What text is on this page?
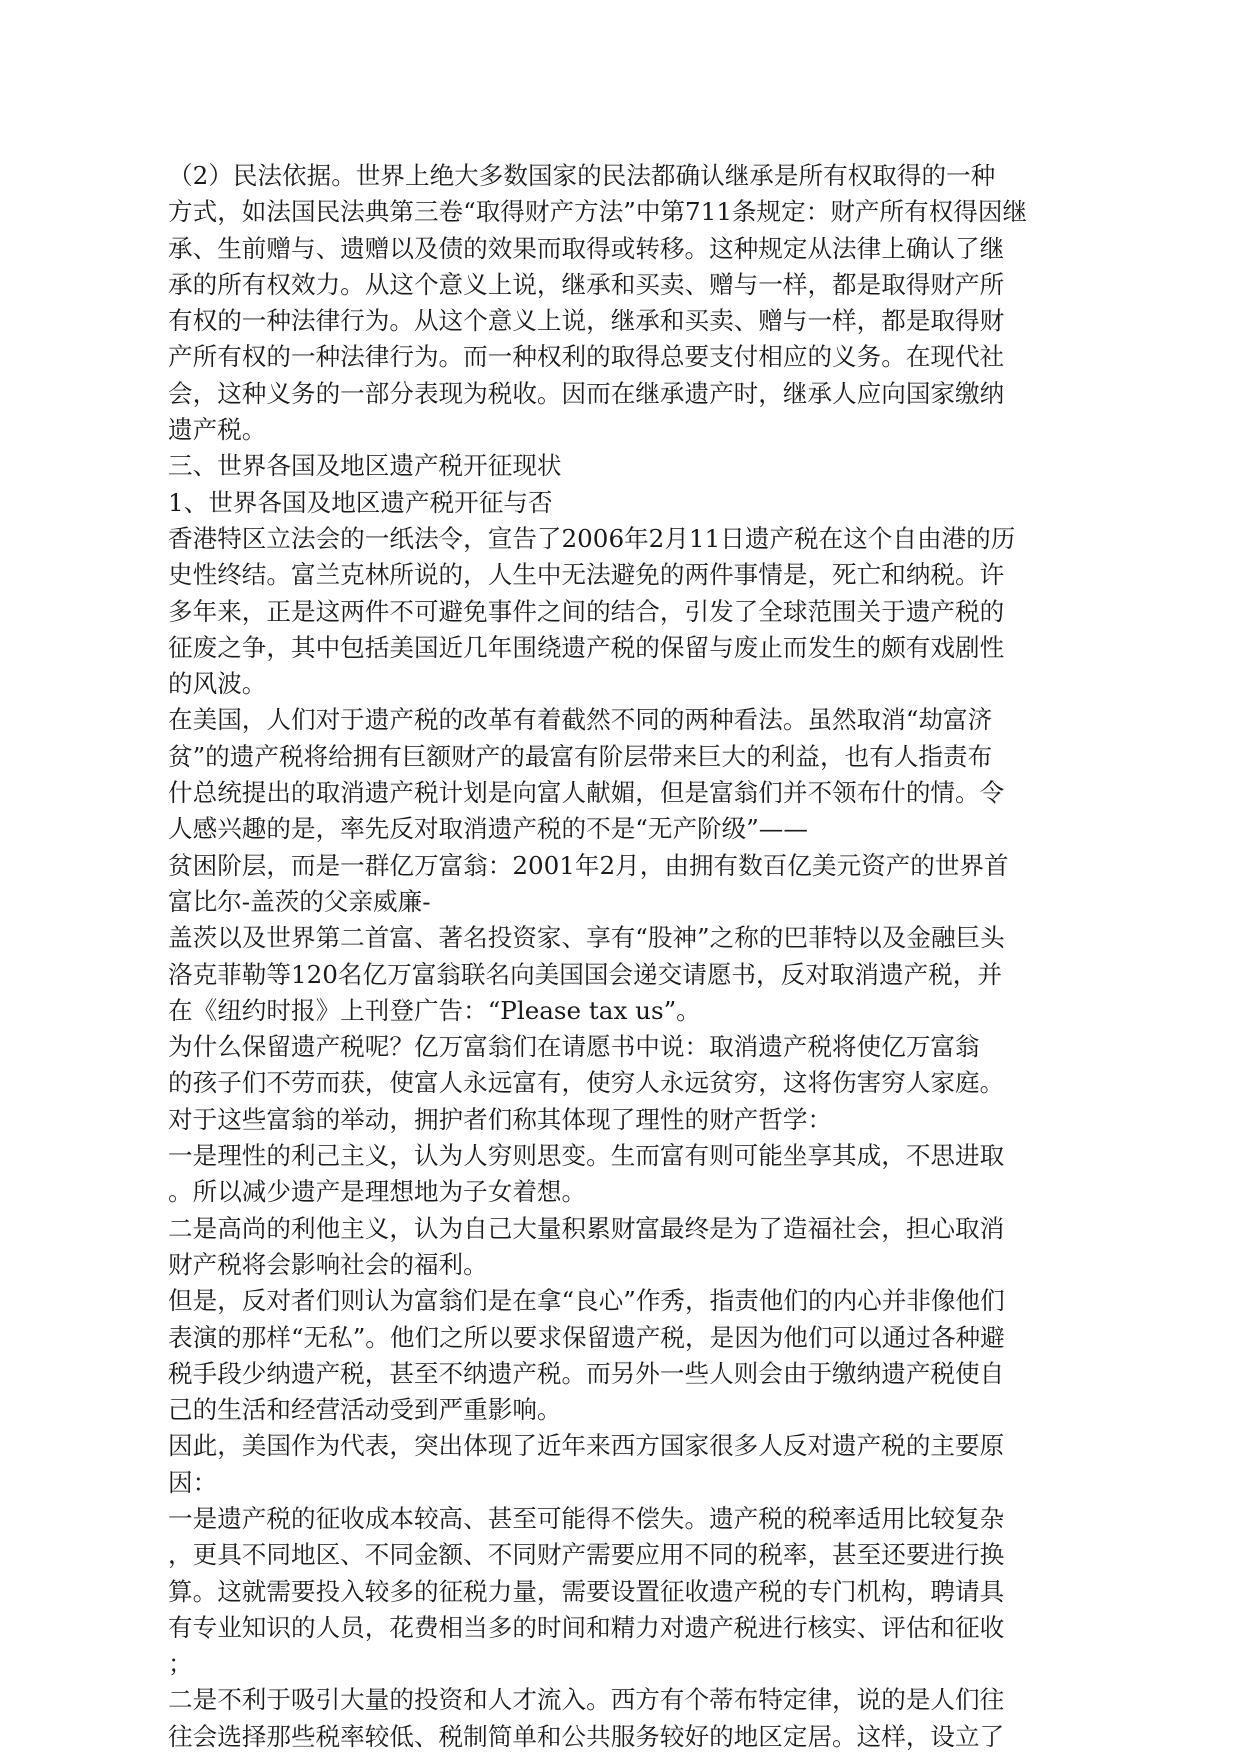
（2）民法依据。世界上绝大多数国家的民法都确认继承是所有权取得的一种
方式，如法国民法典第三卷“取得财产方法”中第711条规定：财产所有权得因继
承、生前赠与、遗赠以及债的效果而取得或转移。这种规定从法律上确认了继
承的所有权效力。从这个意义上说，继承和买卖、赠与一样，都是取得财产所
有权的一种法律行为。从这个意义上说，继承和买卖、赠与一样，都是取得财
产所有权的一种法律行为。而一种权利的取得总要支付相应的义务。在现代社
会，这种义务的一部分表现为税收。因而在继承遗产时，继承人应向国家缴纳
遗产税。
三、世界各国及地区遗产税开征现状
1、世界各国及地区遗产税开征与否
香港特区立法会的一纸法令，宣告了2006年2月11日遗产税在这个自由港的历
史性终结。富兰克林所说的，人生中无法避免的两件事情是，死亡和纳税。许
多年来，正是这两件不可避免事件之间的结合，引发了全球范围关于遗产税的
征废之争，其中包括美国近几年围绕遗产税的保留与废止而发生的颇有戏剧性
的风波。
在美国，人们对于遗产税的改革有着截然不同的两种看法。虽然取消“劫富济
贫”的遗产税将给拥有巨额财产的最富有阶层带来巨大的利益，也有人指责布
什总统提出的取消遗产税计划是向富人献媚，但是富翁们并不领布什的情。令
人感兴趣的是，率先反对取消遗产税的不是“无产阶级”——
贫困阶层，而是一群亿万富翁：2001年2月，由拥有数百亿美元资产的世界首
富比尔-盖茨的父亲威廉-
盖茨以及世界第二首富、著名投资家、享有“股神”之称的巴菲特以及金融巨头
洛克菲勒等120名亿万富翁联名向美国国会递交请愿书，反对取消遗产税，并
在《纽约时报》上刊登广告：“Please tax us”。
为什么保留遗产税呢？亿万富翁们在请愿书中说：取消遗产税将使亿万富翁
的孩子们不劳而获，使富人永远富有，使穷人永远贫穷，这将伤害穷人家庭。
对于这些富翁的举动，拥护者们称其体现了理性的财产哲学：
一是理性的利己主义，认为人穷则思变。生而富有则可能坐享其成，不思进取
。所以减少遗产是理想地为子女着想。
二是高尚的利他主义，认为自己大量积累财富最终是为了造福社会，担心取消
财产税将会影响社会的福利。
但是，反对者们则认为富翁们是在拿“良心”作秀，指责他们的内心并非像他们
表演的那样“无私”。他们之所以要求保留遗产税，是因为他们可以通过各种避
税手段少纳遗产税，甚至不纳遗产税。而另外一些人则会由于缴纳遗产税使自
己的生活和经营活动受到严重影响。
因此，美国作为代表，突出体现了近年来西方国家很多人反对遗产税的主要原
因：
一是遗产税的征收成本较高、甚至可能得不偿失。遗产税的税率适用比较复杂
，更具不同地区、不同金额、不同财产需要应用不同的税率，甚至还要进行换
算。这就需要投入较多的征税力量，需要设置征收遗产税的专门机构，聘请具
有专业知识的人员，花费相当多的时间和精力对遗产税进行核实、评估和征收
；
二是不利于吸引大量的投资和人才流入。西方有个蒂布特定律，说的是人们往
往会选择那些税率较低、税制简单和公共服务较好的地区定居。这样，设立了
